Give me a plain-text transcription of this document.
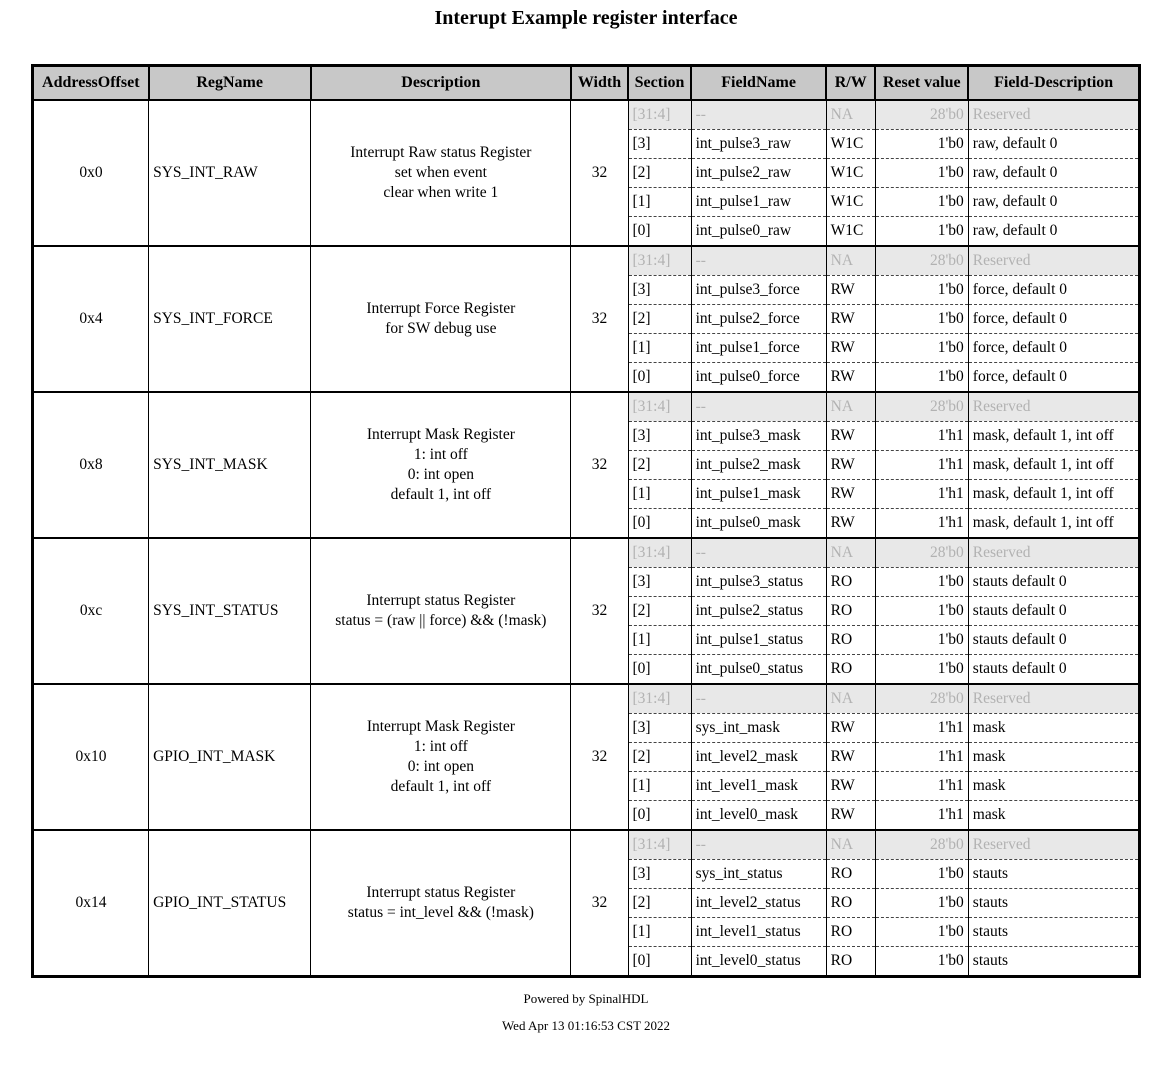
Interupt Example register interface
AddressOffset	RegName	Description	Width	Section	FieldName	R/W	Reset value	Field-Description
0x0	SYS_INT_RAW	Interrupt Raw status Register
set when event
clear when write 1	32	[31:4]	--	NA	28'b0	Reserved
				[3]	int_pulse3_raw	W1C	1'b0	raw, default 0
				[2]	int_pulse2_raw	W1C	1'b0	raw, default 0
				[1]	int_pulse1_raw	W1C	1'b0	raw, default 0
				[0]	int_pulse0_raw	W1C	1'b0	raw, default 0
0x4	SYS_INT_FORCE	Interrupt Force Register
for SW debug use	32	[31:4]	--	NA	28'b0	Reserved
				[3]	int_pulse3_force	RW	1'b0	force, default 0
				[2]	int_pulse2_force	RW	1'b0	force, default 0
				[1]	int_pulse1_force	RW	1'b0	force, default 0
				[0]	int_pulse0_force	RW	1'b0	force, default 0
0x8	SYS_INT_MASK	Interrupt Mask Register
1: int off
0: int open
default 1, int off	32	[31:4]	--	NA	28'b0	Reserved
				[3]	int_pulse3_mask	RW	1'h1	mask, default 1, int off
				[2]	int_pulse2_mask	RW	1'h1	mask, default 1, int off
				[1]	int_pulse1_mask	RW	1'h1	mask, default 1, int off
				[0]	int_pulse0_mask	RW	1'h1	mask, default 1, int off
0xc	SYS_INT_STATUS	Interrupt status Register
status = (raw || force) && (!mask)	32	[31:4]	--	NA	28'b0	Reserved
				[3]	int_pulse3_status	RO	1'b0	stauts default 0
				[2]	int_pulse2_status	RO	1'b0	stauts default 0
				[1]	int_pulse1_status	RO	1'b0	stauts default 0
				[0]	int_pulse0_status	RO	1'b0	stauts default 0
0x10	GPIO_INT_MASK	Interrupt Mask Register
1: int off
0: int open
default 1, int off	32	[31:4]	--	NA	28'b0	Reserved
				[3]	sys_int_mask	RW	1'h1	mask
				[2]	int_level2_mask	RW	1'h1	mask
				[1]	int_level1_mask	RW	1'h1	mask
				[0]	int_level0_mask	RW	1'h1	mask
0x14	GPIO_INT_STATUS	Interrupt status Register
status = int_level && (!mask)	32	[31:4]	--	NA	28'b0	Reserved
				[3]	sys_int_status	RO	1'b0	stauts
				[2]	int_level2_status	RO	1'b0	stauts
				[1]	int_level1_status	RO	1'b0	stauts
				[0]	int_level0_status	RO	1'b0	stauts
Powered by SpinalHDL
Wed Apr 13 01:16:53 CST 2022
